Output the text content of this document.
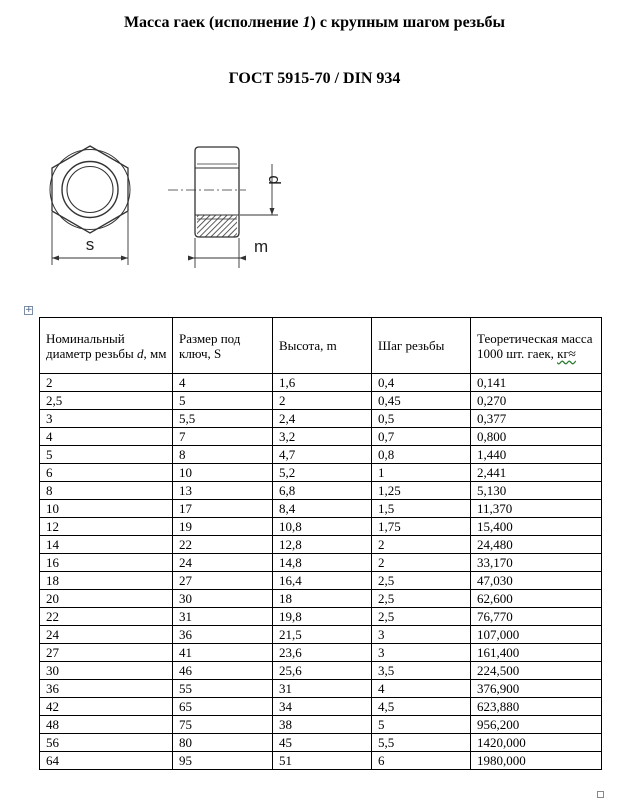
Масса гаек (исполнение 1) с крупным шагом резьбы
ГОСТ 5915-70 / DIN 934
s
d
m
+
Номинальный диаметр резьбы d, мм	Размер под ключ, S	Высота, m	Шаг резьбы	Теоретическая масса 1000 шт. гаек, кг≈
2	4	1,6	0,4	0,141
2,5	5	2	0,45	0,270
3	5,5	2,4	0,5	0,377
4	7	3,2	0,7	0,800
5	8	4,7	0,8	1,440
6	10	5,2	1	2,441
8	13	6,8	1,25	5,130
10	17	8,4	1,5	11,370
12	19	10,8	1,75	15,400
14	22	12,8	2	24,480
16	24	14,8	2	33,170
18	27	16,4	2,5	47,030
20	30	18	2,5	62,600
22	31	19,8	2,5	76,770
24	36	21,5	3	107,000
27	41	23,6	3	161,400
30	46	25,6	3,5	224,500
36	55	31	4	376,900
42	65	34	4,5	623,880
48	75	38	5	956,200
56	80	45	5,5	1420,000
64	95	51	6	1980,000
